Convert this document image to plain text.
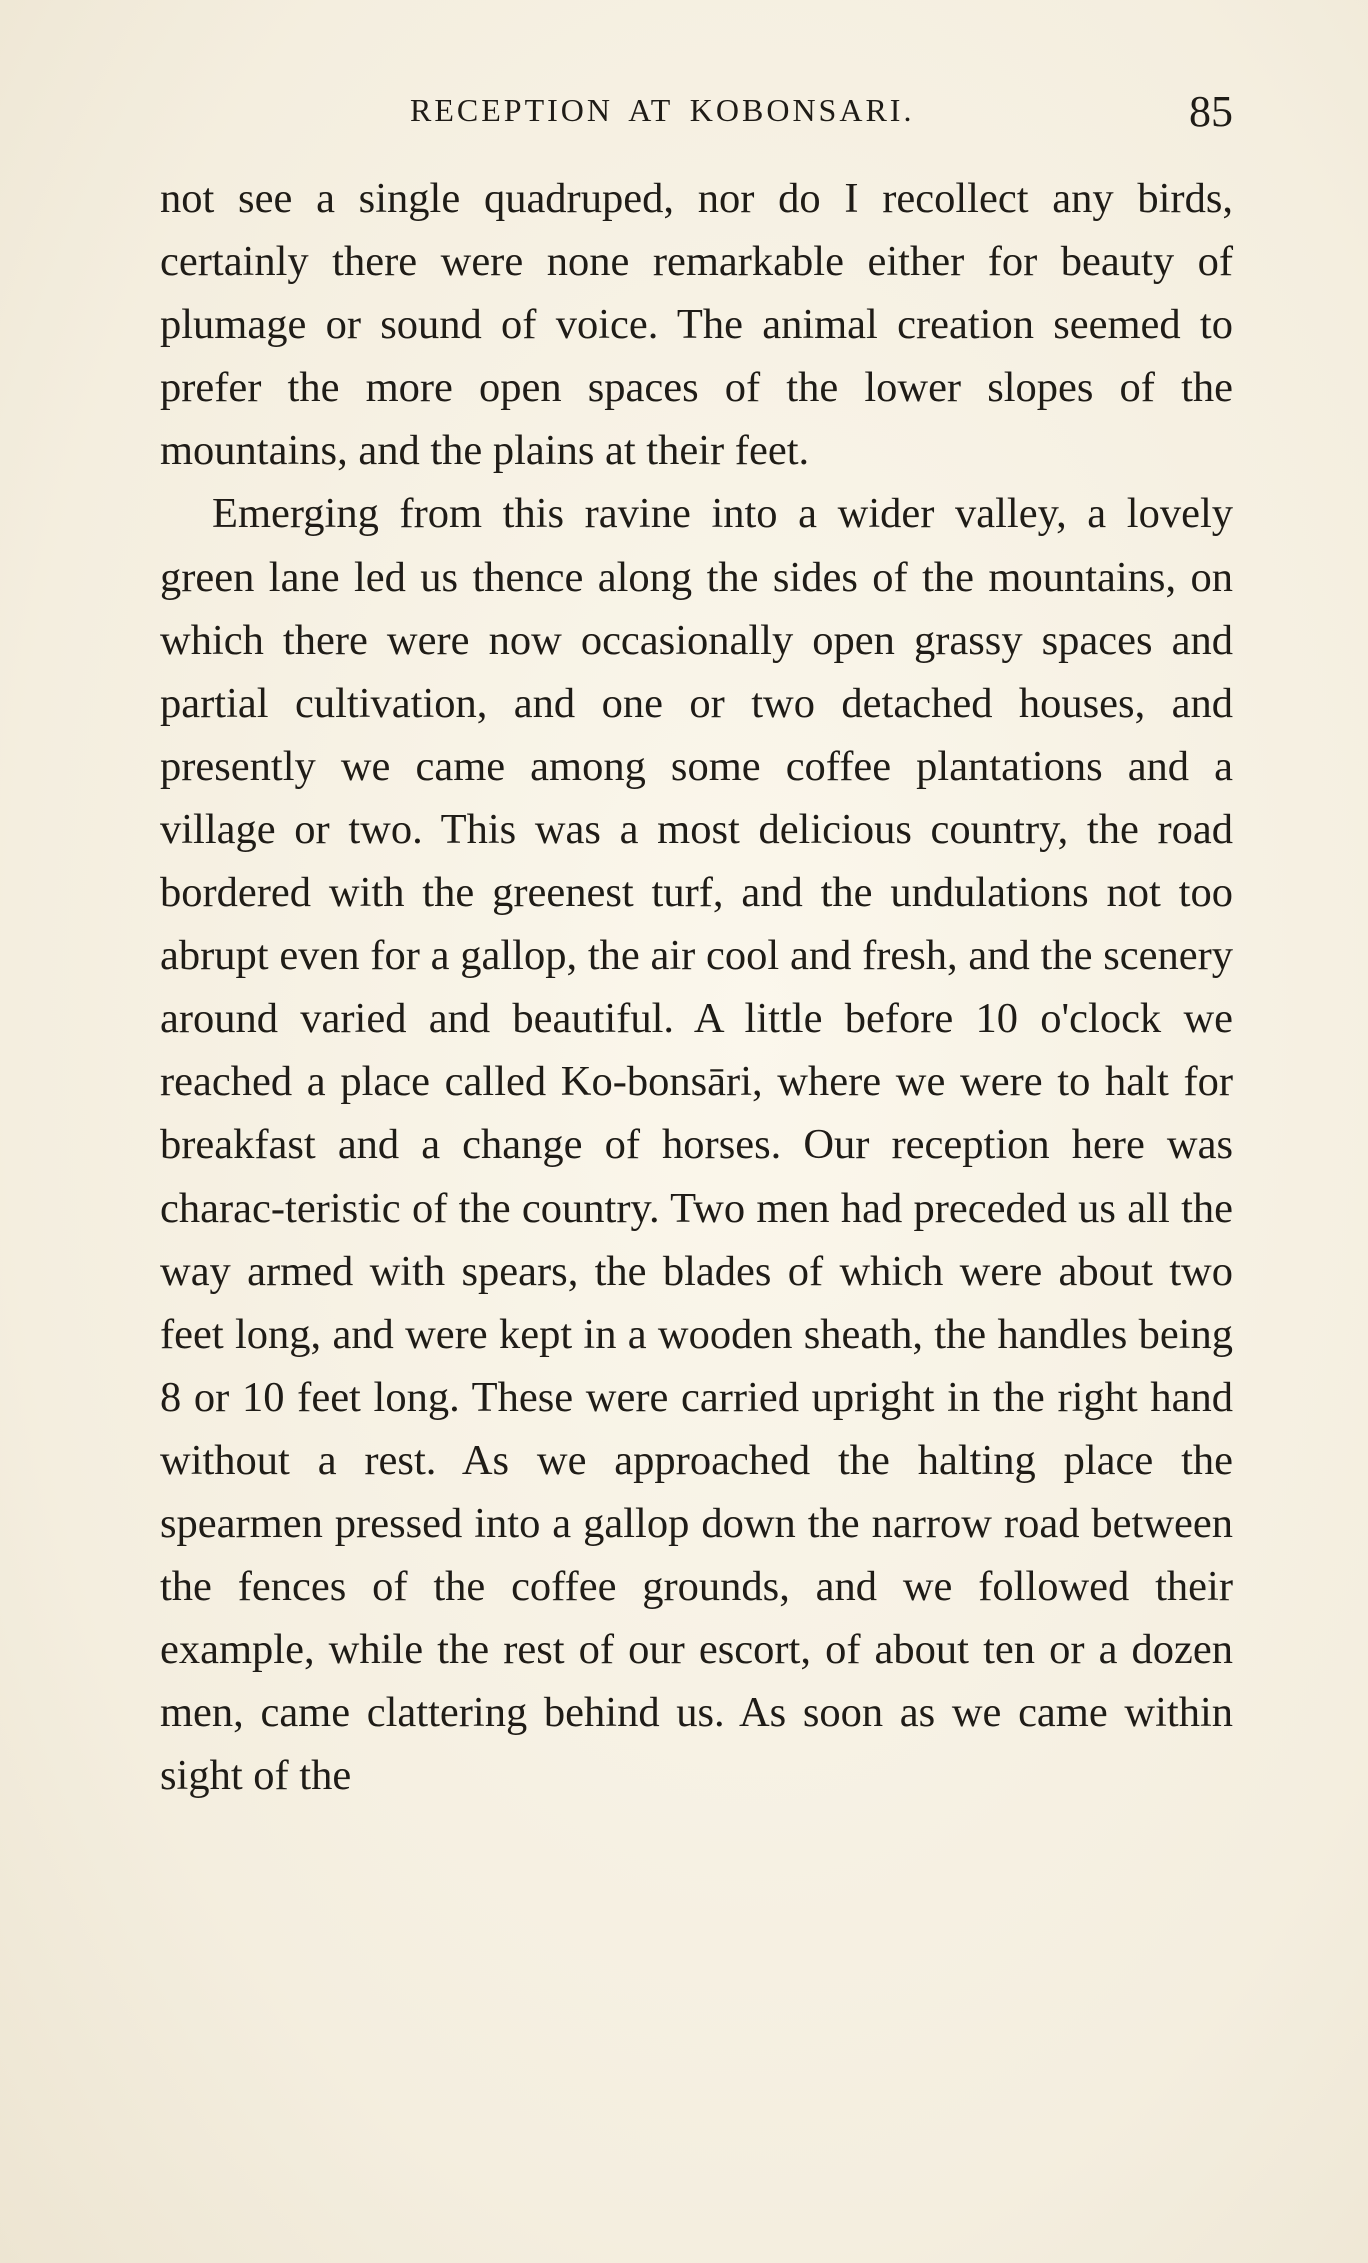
RECEPTION AT KOBONSARI.	85

not see a single quadruped, nor do I recollect any birds, certainly there were none remarkable either for beauty of plumage or sound of voice. The animal creation seemed to prefer the more open spaces of the lower slopes of the mountains, and the plains at their feet.

Emerging from this ravine into a wider valley, a lovely green lane led us thence along the sides of the mountains, on which there were now occasionally open grassy spaces and partial cultivation, and one or two detached houses, and presently we came among some coffee plantations and a village or two. This was a most delicious country, the road bordered with the greenest turf, and the undulations not too abrupt even for a gallop, the air cool and fresh, and the scenery around varied and beautiful. A little before 10 o'clock we reached a place called Ko-bonsāri, where we were to halt for breakfast and a change of horses. Our reception here was charac-teristic of the country. Two men had preceded us all the way armed with spears, the blades of which were about two feet long, and were kept in a wooden sheath, the handles being 8 or 10 feet long. These were carried upright in the right hand without a rest. As we approached the halting place the spearmen pressed into a gallop down the narrow road between the fences of the coffee grounds, and we followed their example, while the rest of our escort, of about ten or a dozen men, came clattering behind us. As soon as we came within sight of the
